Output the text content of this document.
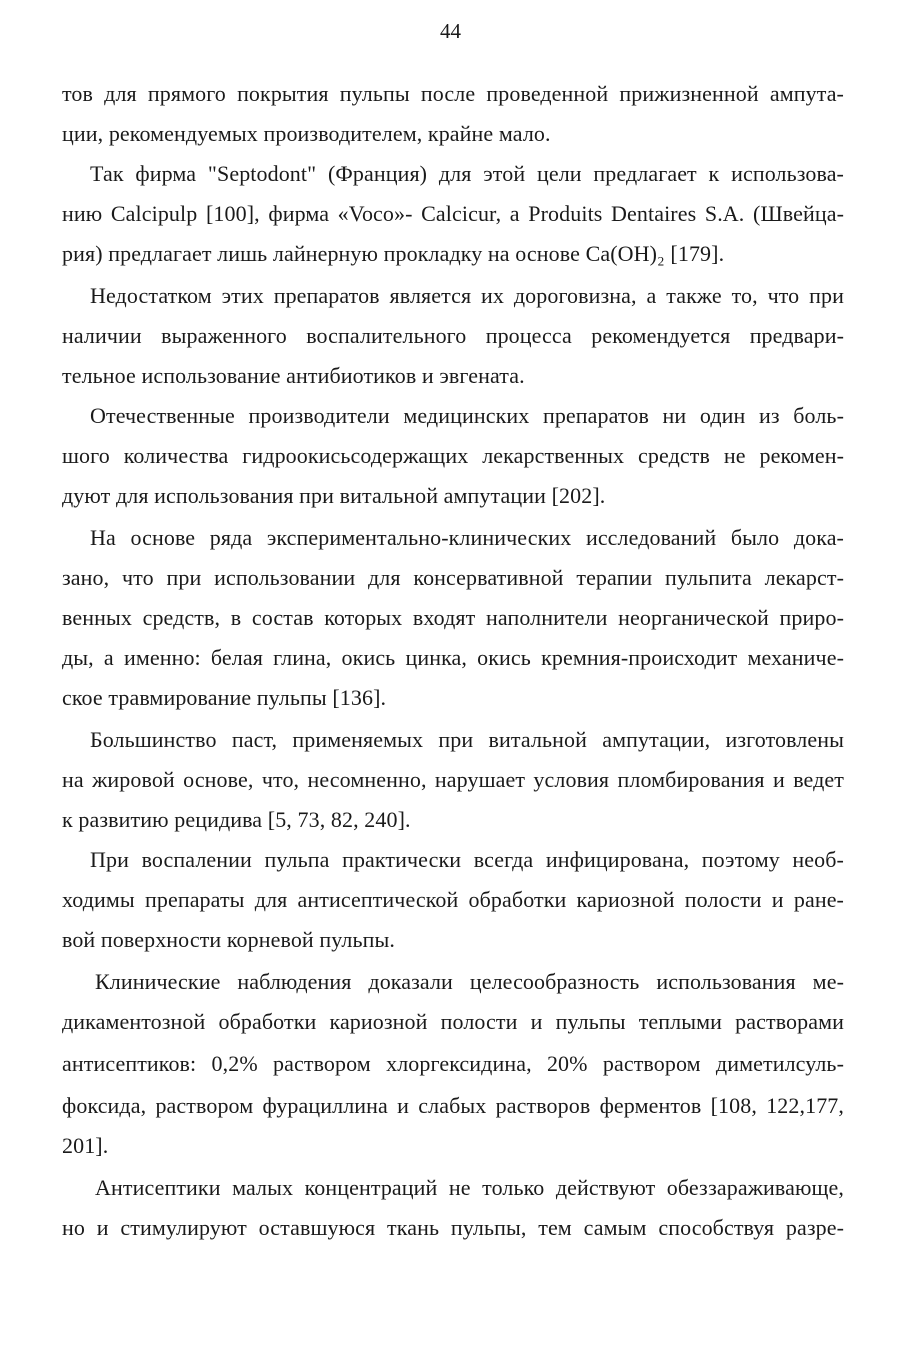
44
тов для прямого покрытия пульпы после проведенной прижизненной ампута-
ции, рекомендуемых производителем, крайне мало.
Так фирма "Septodont" (Франция) для этой цели предлагает к использова-
нию Calcipulp [100], фирма «Voco»- Calcicur, a Produits Dentaires S.A. (Швейца-
рия) предлагает лишь лайнерную прокладку на основе Са(ОН)₂ [179].
Недостатком этих препаратов является их дороговизна, а также то, что при
наличии выраженного воспалительного процесса рекомендуется предвари-
тельное использование антибиотиков и эвгената.
Отечественные производители медицинских препаратов ни один из боль-
шого количества гидроокисьсодержащих лекарственных средств не рекомен-
дуют для использования при витальной ампутации [202].
На основе ряда экспериментально-клинических исследований было дока-
зано, что при использовании для консервативной терапии пульпита лекарст-
венных средств, в состав которых входят наполнители неорганической приро-
ды, а именно: белая глина, окись цинка, окись кремния-происходит механиче-
ское травмирование пульпы [136].
Большинство паст, применяемых при витальной ампутации, изготовлены
на жировой основе, что, несомненно, нарушает условия пломбирования и ведет
к развитию рецидива [5, 73, 82, 240].
При воспалении пульпа практически всегда инфицирована, поэтому необ-
ходимы препараты для антисептической обработки кариозной полости и ране-
вой поверхности корневой пульпы.
Клинические наблюдения доказали целесообразность использования ме-
дикаментозной обработки кариозной полости и пульпы теплыми растворами
антисептиков: 0,2% раствором хлоргексидина, 20% раствором диметилсуль-
фоксида, раствором фурациллина и слабых растворов ферментов [108, 122,177,
201].
Антисептики малых концентраций не только действуют обеззараживающе,
но и стимулируют оставшуюся ткань пульпы, тем самым способствуя разре-
